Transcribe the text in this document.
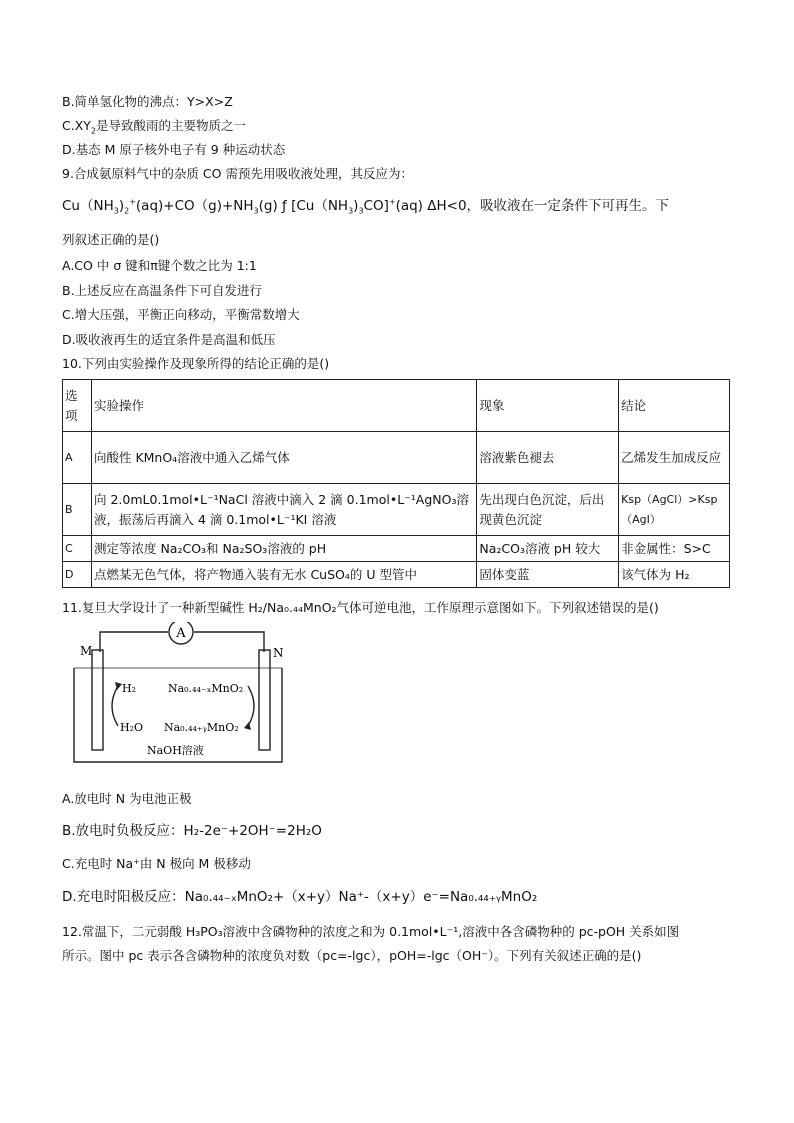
B.简单氢化物的沸点：Y>X>Z
$C.XY_2$是导致酸雨的主要物质之一
D.基态 M 原子核外电子有 9 种运动状态
9.合成氨原料气中的杂质 CO 需预先用吸收液处理，其反应为：
$Cu(NH_3)_2^+(aq)+CO(g)+NH_3(g)$ ƒ $[Cu(NH_3)_3CO]^+(aq)$ ΔH<0，吸收液在一定条件下可再生。下
列叙述正确的是()
A.CO 中 σ 键和π键个数之比为 1:1
B.上述反应在高温条件下可自发进行
C.增大压强，平衡正向移动，平衡常数增大
D.吸收液再生的适宜条件是高温和低压
10.下列由实验操作及现象所得的结论正确的是()
选项	实验操作	现象	结论
A	向酸性 KMnO₄溶液中通入乙烯气体	溶液紫色褪去	乙烯发生加成反应
B	向 2.0mL0.1mol•L⁻¹NaCl 溶液中滴入 2 滴 0.1mol•L⁻¹AgNO₃溶液，振荡后再滴入 4 滴 0.1mol•L⁻¹KI 溶液	先出现白色沉淀，后出现黄色沉淀	Ksp（AgCl）>Ksp（AgI）
C	测定等浓度 Na₂CO₃和 Na₂SO₃溶液的 pH	Na₂CO₃溶液 pH 较大	非金属性：S>C
D	点燃某无色气体，将产物通入装有无水 CuSO₄的 U 型管中	固体变蓝	该气体为 H₂
11.复旦大学设计了一种新型碱性 H₂/Na₀.₄₄MnO₂气体可逆电池，工作原理示意图如下。下列叙述错误的是()
A
M	N
H₂
H₂O
Na₀.₄₄₋ₓMnO₂
Na₀.₄₄₊ᵧMnO₂
NaOH溶液
A.放电时 N 为电池正极
B.放电时负极反应：H₂-2e⁻+2OH⁻=2H₂O
C.充电时 Na⁺由 N 极向 M 极移动
D.充电时阳极反应：Na₀.₄₄₋ₓMnO₂+（x+y）Na⁺-（x+y）e⁻=Na₀.₄₄₊ᵧMnO₂
12.常温下，二元弱酸 H₃PO₃溶液中含磷物种的浓度之和为 0.1mol•L⁻¹,溶液中各含磷物种的 pc-pOH 关系如图
所示。图中 pc 表示各含磷物种的浓度负对数（pc=-lgc），pOH=-lgc（OH⁻）。下列有关叙述正确的是()
